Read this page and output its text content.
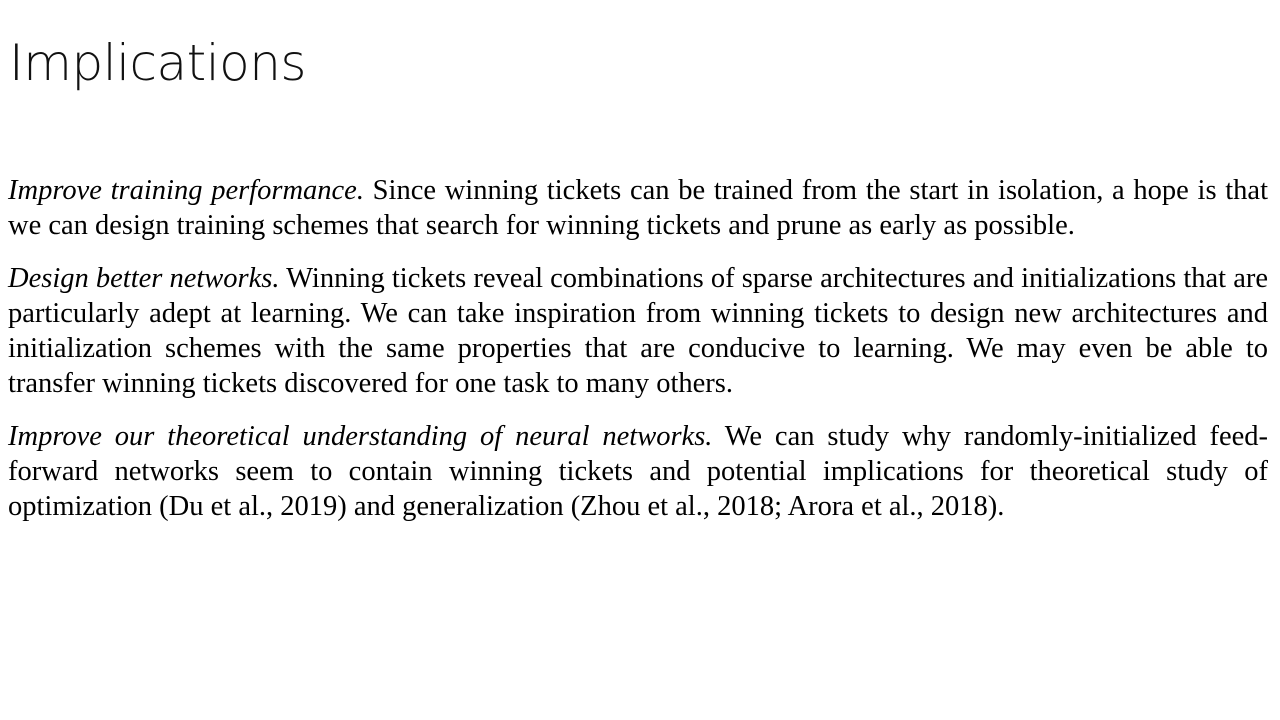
Implications

Improve training performance. Since winning tickets can be trained from the start in isolation, a hope is that we can design training schemes that search for winning tickets and prune as early as possible.

Design better networks. Winning tickets reveal combinations of sparse architectures and initializations that are particularly adept at learning. We can take inspiration from winning tickets to design new architectures and initialization schemes with the same properties that are conducive to learning. We may even be able to transfer winning tickets discovered for one task to many others.

Improve our theoretical understanding of neural networks. We can study why randomly-initialized feed-forward networks seem to contain winning tickets and potential implications for theoretical study of optimization (Du et al., 2019) and generalization (Zhou et al., 2018; Arora et al., 2018).
